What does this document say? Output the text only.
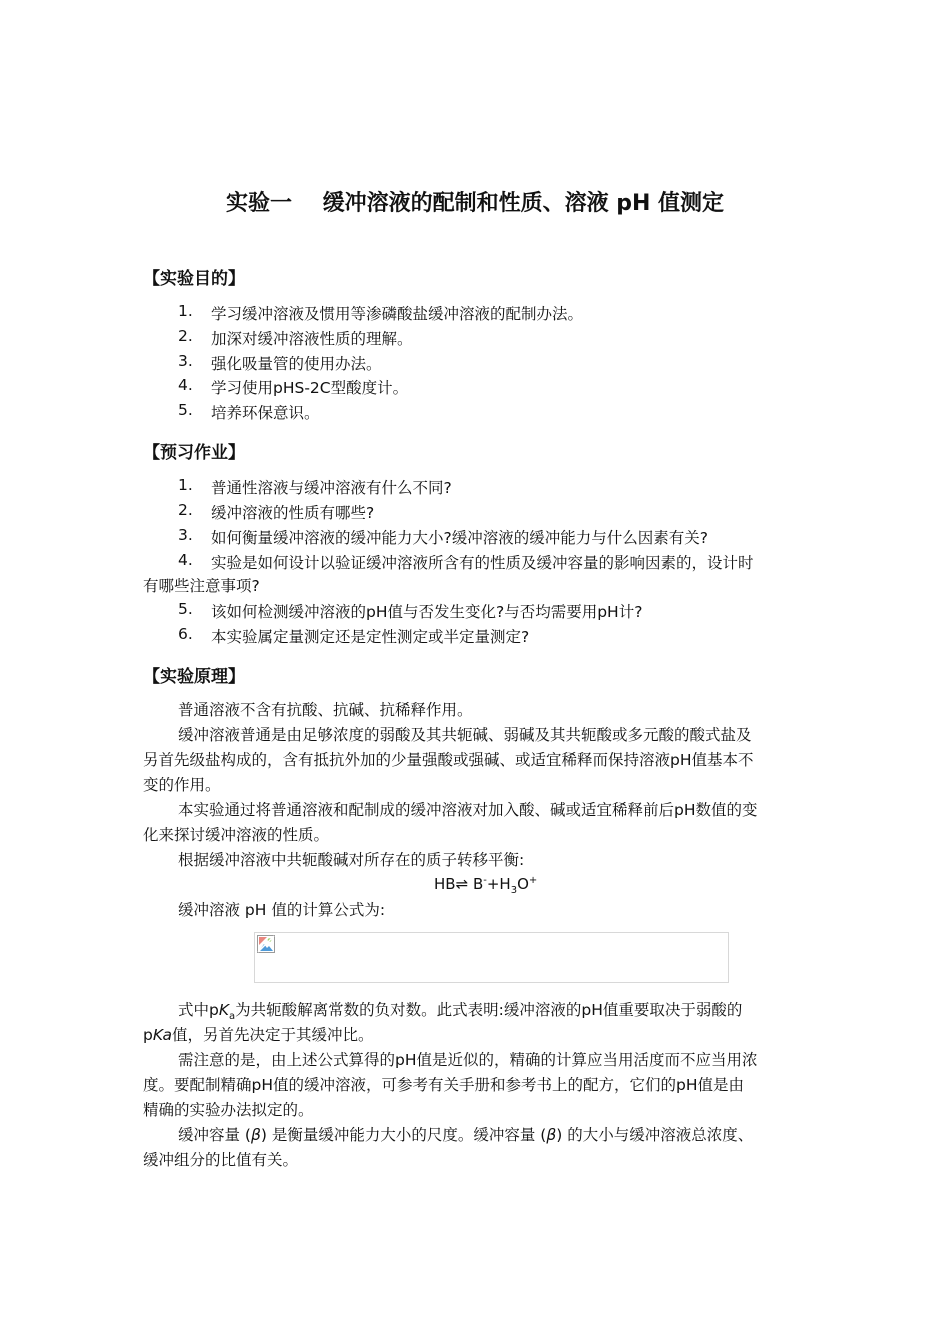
实验一    缓冲溶液的配制和性质、溶液 pH 值测定
【实验目的】
1. 学习缓冲溶液及惯用等渗磷酸盐缓冲溶液的配制办法。
2. 加深对缓冲溶液性质的理解。
3. 强化吸量管的使用办法。
4. 学习使用pHS-2C型酸度计。
5. 培养环保意识。
【预习作业】
1. 普通性溶液与缓冲溶液有什么不同?
2. 缓冲溶液的性质有哪些?
3. 如何衡量缓冲溶液的缓冲能力大小?缓冲溶液的缓冲能力与什么因素有关?
4. 实验是如何设计以验证缓冲溶液所含有的性质及缓冲容量的影响因素的，设计时
有哪些注意事项?
5. 该如何检测缓冲溶液的pH值与否发生变化?与否均需要用pH计?
6. 本实验属定量测定还是定性测定或半定量测定?
【实验原理】
普通溶液不含有抗酸、抗碱、抗稀释作用。
缓冲溶液普通是由足够浓度的弱酸及其共轭碱、弱碱及其共轭酸或多元酸的酸式盐及
另首先级盐构成的，含有抵抗外加的少量强酸或强碱、或适宜稀释而保持溶液pH值基本不
变的作用。
本实验通过将普通溶液和配制成的缓冲溶液对加入酸、碱或适宜稀释前后pH数值的变
化来探讨缓冲溶液的性质。
根据缓冲溶液中共轭酸碱对所存在的质子转移平衡:
HB⇌ $B^-+H_3O^+$
缓冲溶液 pH 值的计算公式为:
式中$pK_a$为共轭酸解离常数的负对数。此式表明:缓冲溶液的pH值重要取决于弱酸的
pKa值，另首先决定于其缓冲比。
需注意的是，由上述公式算得的pH值是近似的，精确的计算应当用活度而不应当用浓
度。要配制精确pH值的缓冲溶液，可参考有关手册和参考书上的配方，它们的pH值是由
精确的实验办法拟定的。
缓冲容量 (β) 是衡量缓冲能力大小的尺度。缓冲容量 (β) 的大小与缓冲溶液总浓度、
缓冲组分的比值有关。
